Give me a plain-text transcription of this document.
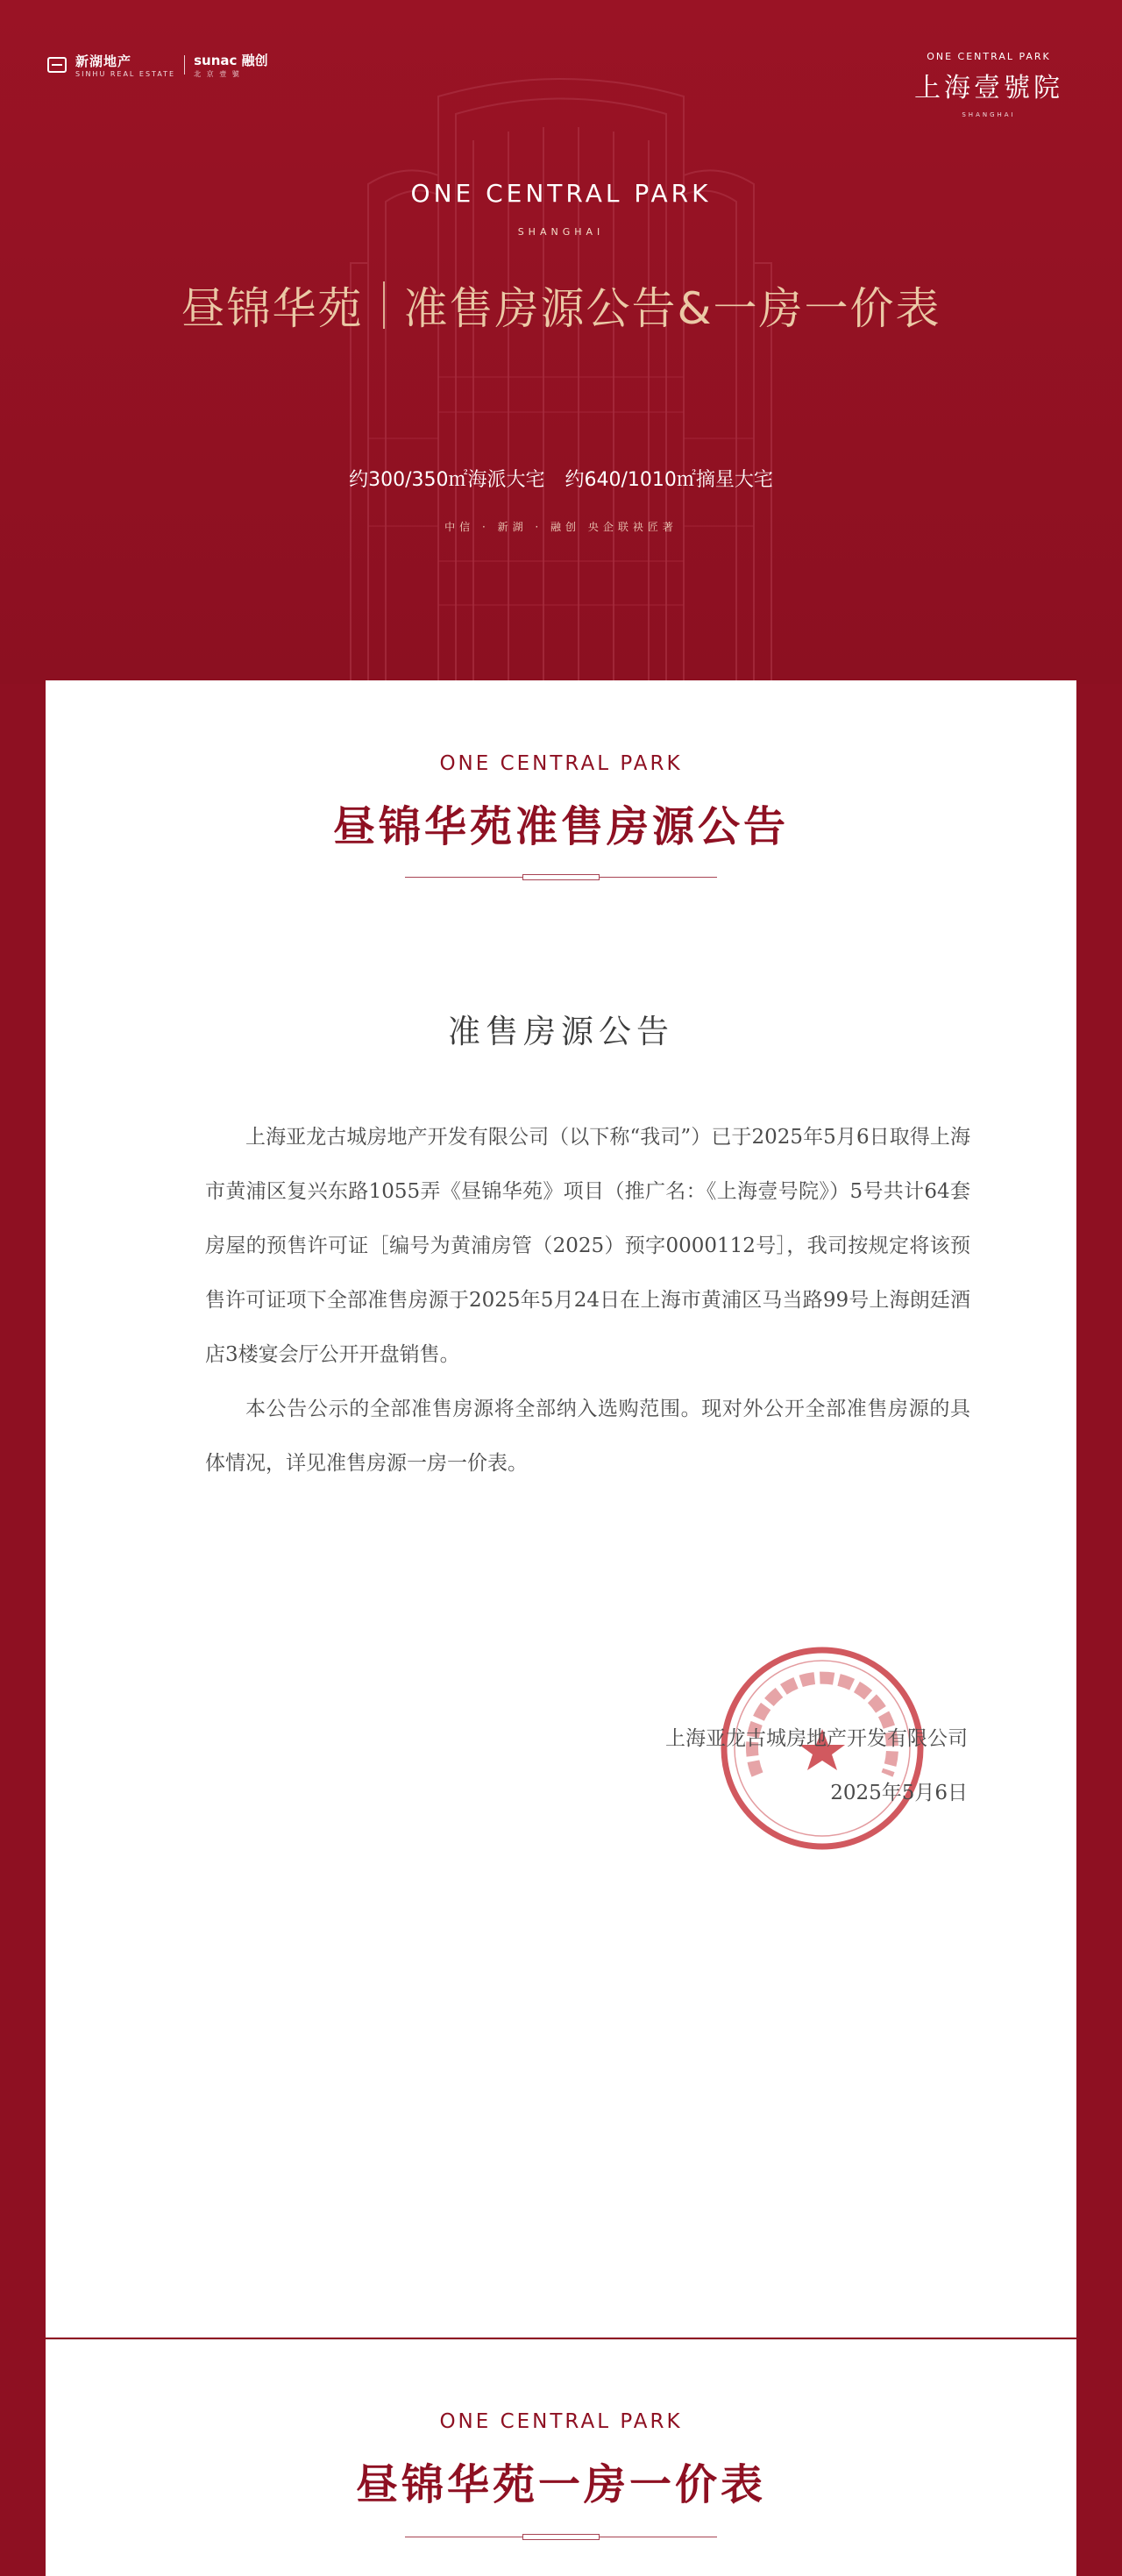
新湖地产
SINHU REAL ESTATE
sunac 融创
北 京 壹 號
ONE CENTRAL PARK
上海壹號院
SHANGHAI
ONE CENTRAL PARK
SHANGHAI
昼锦华苑 准售房源公告&一房一价表
约300/350㎡海派大宅 约640/1010㎡摘星大宅
中信 · 新湖 · 融创 央企联袂匠著
ONE CENTRAL PARK
昼锦华苑准售房源公告
准售房源公告

上海亚龙古城房地产开发有限公司（以下称“我司”）已于2025年5月6日取得上海市黄浦区复兴东路1055弄《昼锦华苑》项目（推广名：《上海壹号院》）5号共计64套房屋的预售许可证［编号为黄浦房管（2025）预字0000112号］，我司按规定将该预售许可证项下全部准售房源于2025年5月24日在上海市黄浦区马当路99号上海朗廷酒店3楼宴会厅公开开盘销售。

本公告公示的全部准售房源将全部纳入选购范围。现对外公开全部准售房源的具体情况，详见准售房源一房一价表。

上海亚龙古城房地产开发有限公司
2025年5月6日
ONE CENTRAL PARK
昼锦华苑一房一价表
